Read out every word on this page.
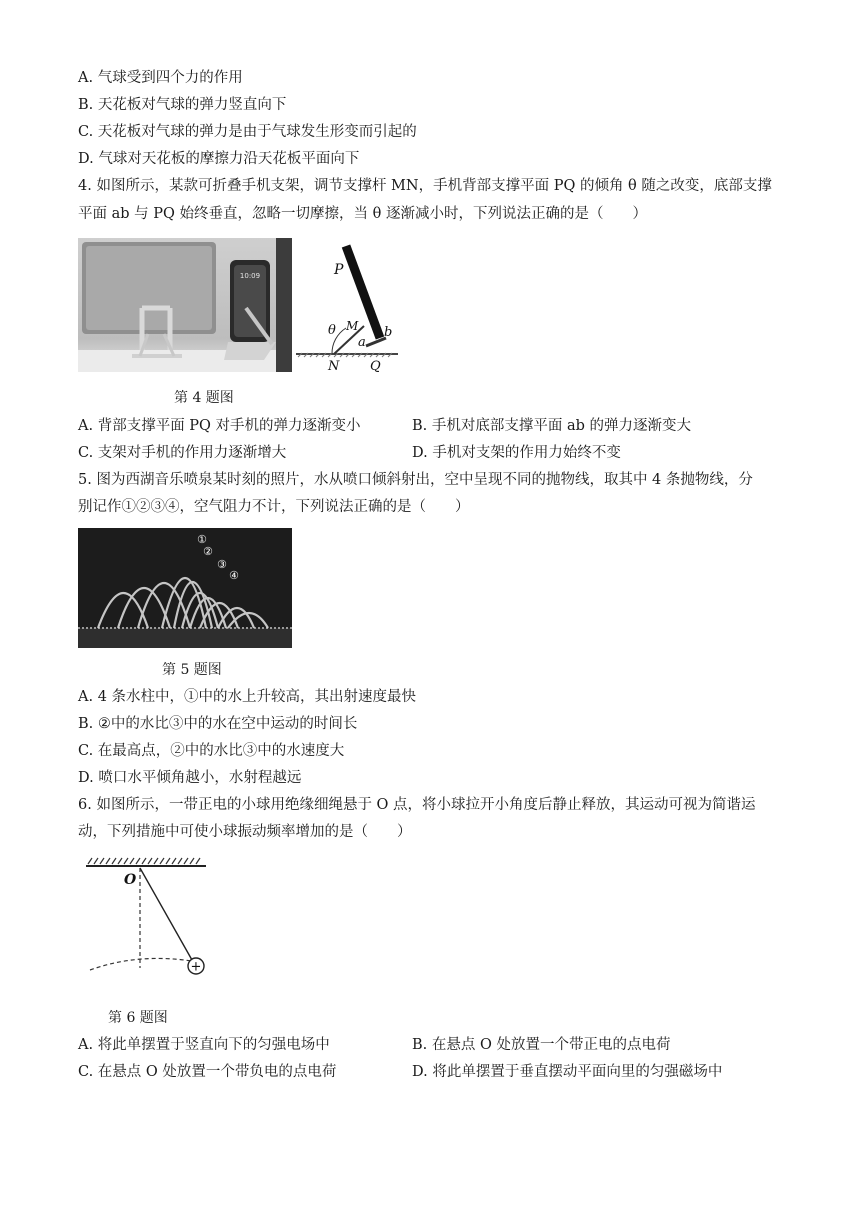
A. 气球受到四个力的作用
B. 天花板对气球的弹力竖直向下
C. 天花板对气球的弹力是由于气球发生形变而引起的
D. 气球对天花板的摩擦力沿天花板平面向下
4. 如图所示，某款可折叠手机支架，调节支撑杆 MN，手机背部支撑平面 PQ 的倾角 θ 随之改变，底部支撑
平面 ab 与 PQ 始终垂直，忽略一切摩擦，当 θ 逐渐减小时，下列说法正确的是（　　）
10:09	P
θ M
a
b
N Q
第 4 题图
A. 背部支撑平面 PQ 对手机的弹力逐渐变小	B. 手机对底部支撑平面 ab 的弹力逐渐变大
C. 支架对手机的作用力逐渐增大	D. 手机对支架的作用力始终不变
5. 图为西湖音乐喷泉某时刻的照片，水从喷口倾斜射出，空中呈现不同的抛物线，取其中 4 条抛物线，分
别记作①②③④，空气阻力不计，下列说法正确的是（　　）
①
②
③
④
第 5 题图
A. 4 条水柱中，①中的水上升较高，其出射速度最快
B. ②中的水比③中的水在空中运动的时间长
C. 在最高点，②中的水比③中的水速度大
D. 喷口水平倾角越小，水射程越远
6. 如图所示，一带正电的小球用绝缘细绳悬于 O 点，将小球拉开小角度后静止释放，其运动可视为简谐运
动，下列措施中可使小球振动频率增加的是（　　）
+
O
第 6 题图
A. 将此单摆置于竖直向下的匀强电场中	B. 在悬点 O 处放置一个带正电的点电荷
C. 在悬点 O 处放置一个带负电的点电荷	D. 将此单摆置于垂直摆动平面向里的匀强磁场中
